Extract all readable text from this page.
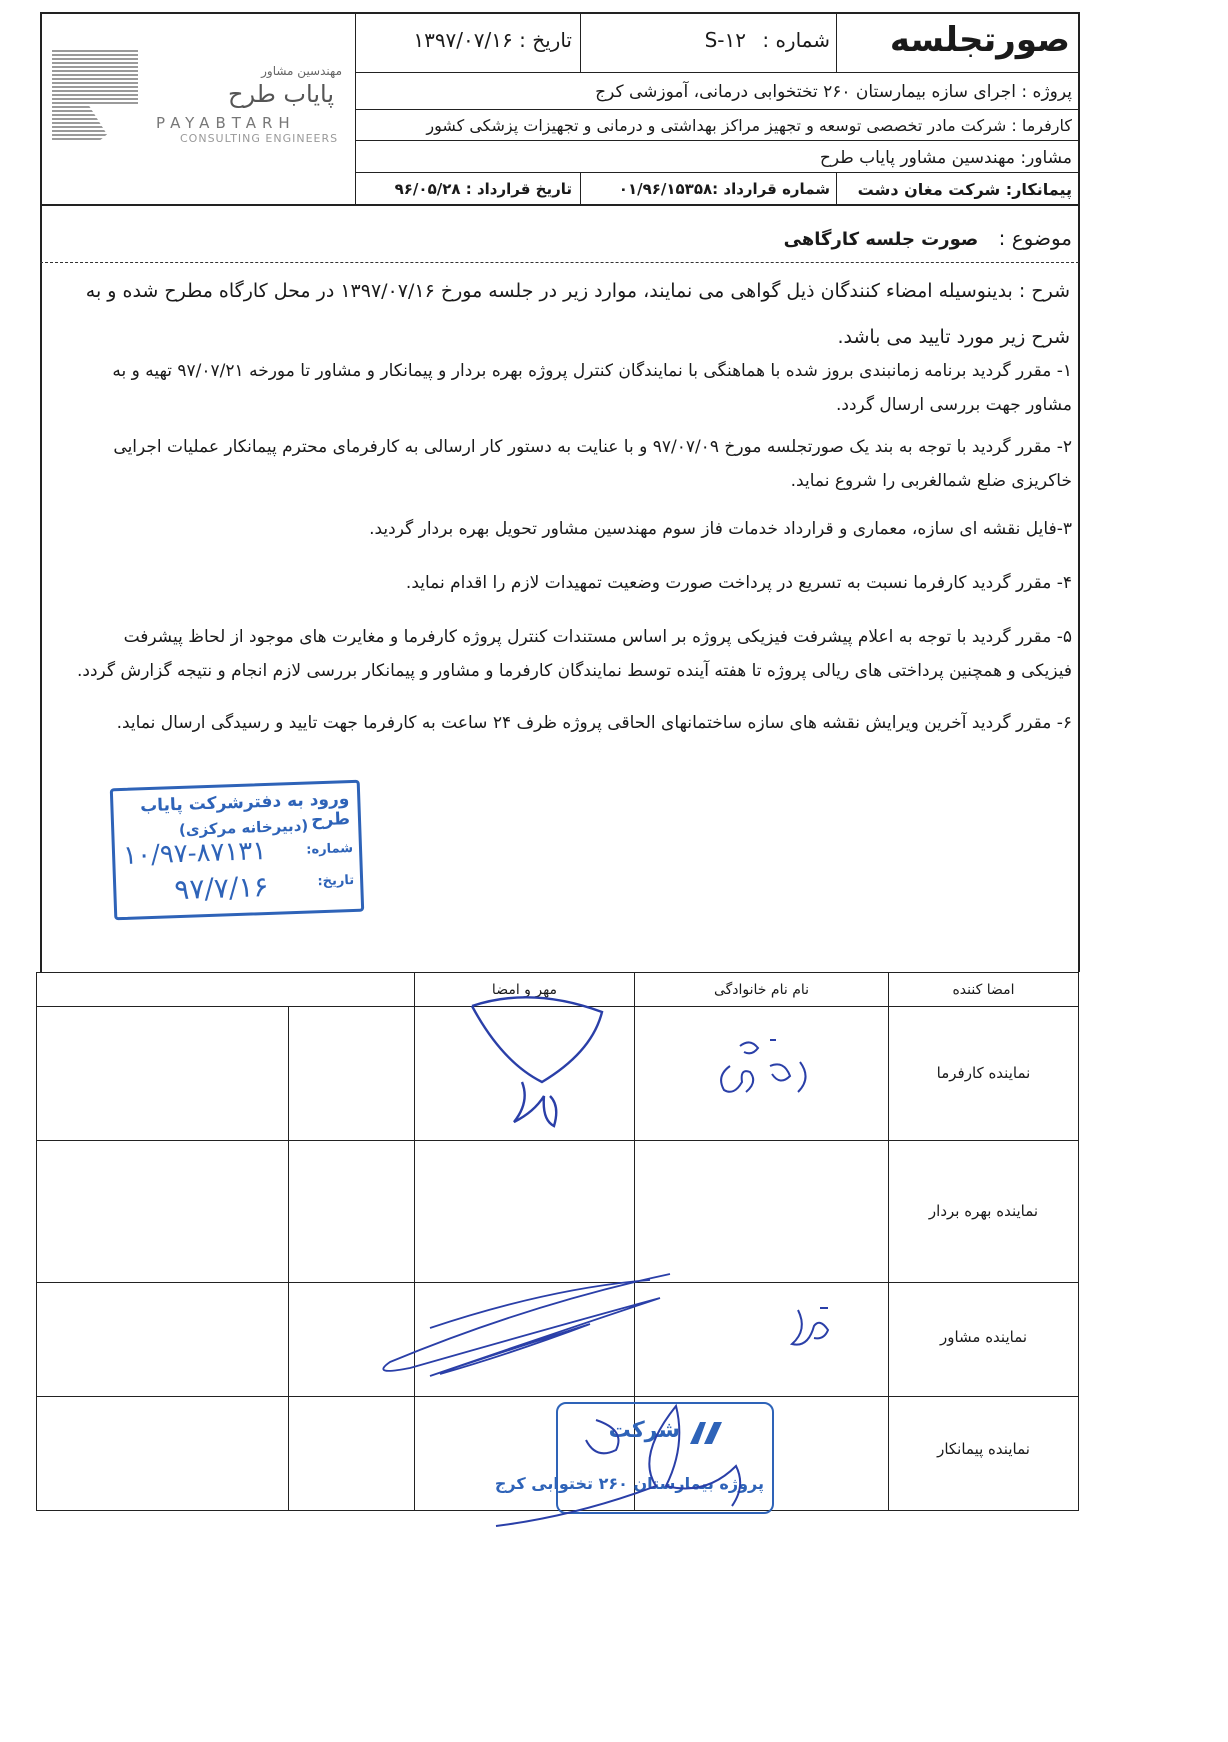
مهندسین مشاور
پایاب طرح
PAYABTARH
CONSULTING ENGINEERS
صورتجلسه
شماره : S-۱۲
تاریخ : ۱۳۹۷/۰۷/۱۶
پروژه : اجرای سازه بیمارستان ۲۶۰ تختخوابی درمانی، آموزشی کرج
کارفرما : شرکت مادر تخصصی توسعه و تجهیز مراکز بهداشتی و درمانی و تجهیزات پزشکی کشور
مشاور: مهندسین مشاور پایاب طرح
پیمانکار: شرکت مغان دشت
شماره قرارداد :۰۱/۹۶/۱۵۳۵۸
تاریخ قرارداد : ۹۶/۰۵/۲۸
موضوع : صورت جلسه کارگاهی
شرح : بدینوسیله امضاء کنندگان ذیل گواهی می نمایند، موارد زیر در جلسه مورخ ۱۳۹۷/۰۷/۱۶ در محل کارگاه مطرح شده و به شرح زیر مورد تایید می باشد.
۱- مقرر گردید برنامه زمانبندی بروز شده با هماهنگی با نمایندگان کنترل پروژه بهره بردار و پیمانکار و مشاور تا مورخه ۹۷/۰۷/۲۱ تهیه و به مشاور جهت بررسی ارسال گردد.
۲- مقرر گردید با توجه به بند یک صورتجلسه مورخ ۹۷/۰۷/۰۹ و با عنایت به دستور کار ارسالی به کارفرمای محترم پیمانکار عملیات اجرایی خاکریزی ضلع شمالغربی را شروع نماید.
۳-فایل نقشه ای سازه، معماری و قرارداد خدمات فاز سوم مهندسین مشاور تحویل بهره بردار گردید.
۴- مقرر گردید کارفرما نسبت به تسریع در پرداخت صورت وضعیت تمهیدات لازم را اقدام نماید.
۵- مقرر گردید با توجه به اعلام پیشرفت فیزیکی پروژه بر اساس مستندات کنترل پروژه کارفرما و مغایرت های موجود از لحاظ پیشرفت فیزیکی و همچنین پرداختی های ریالی پروژه تا هفته آینده توسط نمایندگان کارفرما و مشاور و پیمانکار بررسی لازم انجام و نتیجه گزارش گردد.
۶- مقرر گردید آخرین ویرایش نقشه های سازه ساختمانهای الحاقی پروژه ظرف ۲۴ ساعت به کارفرما جهت تایید و رسیدگی ارسال نماید.
ورود به دفترشرکت پایاب طرح
(دبیرخانه مرکزی)
شماره:
۱۰/۹۷-۸۷۱۳۱
تاریخ:
۹۷/۷/۱۶
امضا کننده
نام نام خانوادگی
مهر و امضا
نماینده کارفرما
نماینده بهره بردار
نماینده مشاور
نماینده پیمانکار
شرکت
پروژه بیمارستان ۲۶۰ تختوابی کرج
